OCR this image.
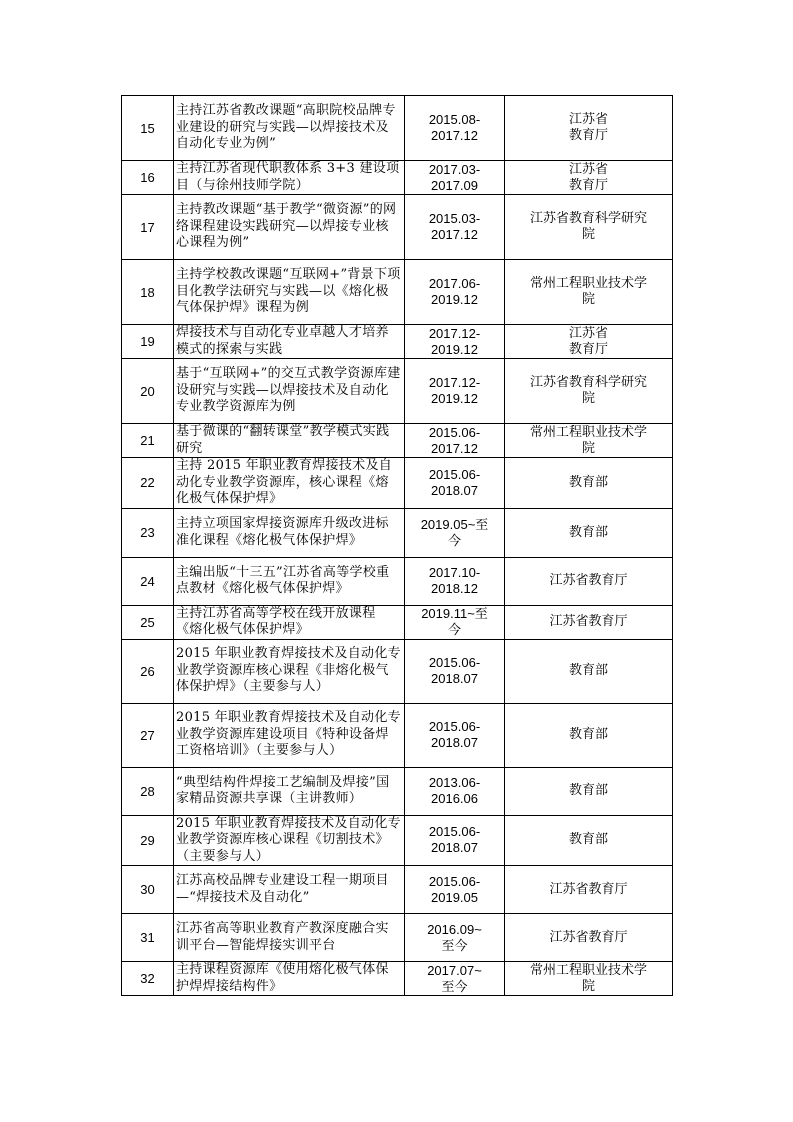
15	主持江苏省教改课题“高职院校品牌专业建设的研究与实践—以焊接技术及自动化专业为例”	2015.08-
2017.12	江苏省
教育厅

16	主持江苏省现代职教体系 3+3 建设项目（与徐州技师学院）	2017.03-
2017.09	江苏省
教育厅

17	主持教改课题“基于教学“微资源”的网络课程建设实践研究—以焊接专业核心课程为例”	2015.03-
2017.12	江苏省教育科学研究
院

18	主持学校教改课题“互联网+”背景下项目化教学法研究与实践—以《熔化极气体保护焊》课程为例	2017.06-
2019.12	常州工程职业技术学
院

19	焊接技术与自动化专业卓越人才培养模式的探索与实践	2017.12-
2019.12	江苏省
教育厅

20	基于“互联网+”的交互式教学资源库建设研究与实践—以焊接技术及自动化专业教学资源库为例	2017.12-
2019.12	江苏省教育科学研究
院

21	基于微课的“翻转课堂”教学模式实践研究	2015.06-
2017.12	常州工程职业技术学
院

22	主持 2015 年职业教育焊接技术及自动化专业教学资源库，核心课程《熔化极气体保护焊》	2015.06-
2018.07	教育部

23	主持立项国家焊接资源库升级改进标准化课程《熔化极气体保护焊》	2019.05~至
今	教育部

24	主编出版“十三五”江苏省高等学校重点教材《熔化极气体保护焊》	2017.10-
2018.12	江苏省教育厅

25	主持江苏省高等学校在线开放课程《熔化极气体保护焊》	2019.11~至
今	江苏省教育厅

26	2015 年职业教育焊接技术及自动化专业教学资源库核心课程《非熔化极气体保护焊》（主要参与人）	2015.06-
2018.07	教育部

27	2015 年职业教育焊接技术及自动化专业教学资源库建设项目《特种设备焊工资格培训》（主要参与人）	2015.06-
2018.07	教育部

28	“典型结构件焊接工艺编制及焊接”国家精品资源共享课（主讲教师）	2013.06-
2016.06	教育部

29	2015 年职业教育焊接技术及自动化专业教学资源库核心课程《切割技术》（主要参与人）	2015.06-
2018.07	教育部

30	江苏高校品牌专业建设工程一期项目—“焊接技术及自动化”	2015.06-
2019.05	江苏省教育厅

31	江苏省高等职业教育产教深度融合实训平台—智能焊接实训平台	2016.09~
至今	江苏省教育厅

32	主持课程资源库《使用熔化极气体保护焊焊接结构件》	2017.07~
至今	常州工程职业技术学
院
